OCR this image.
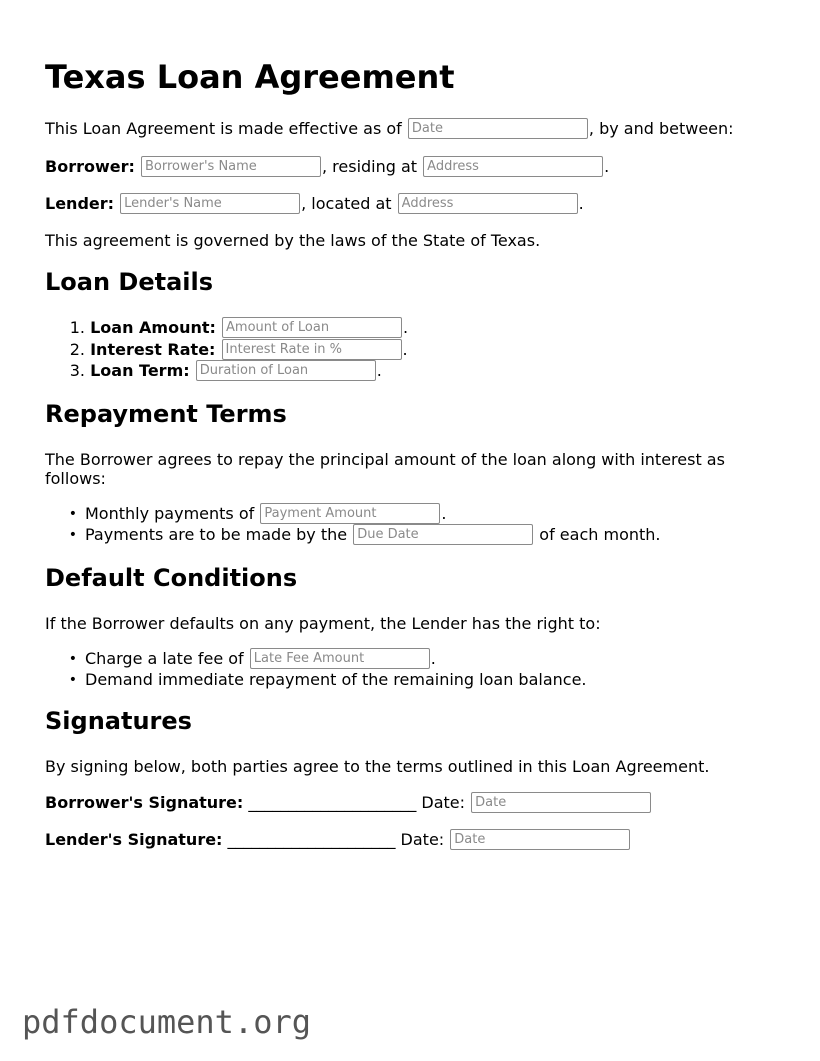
Texas Loan Agreement
This Loan Agreement is made effective as of

Date	, by and between:
Borrower:

Borrower's Name	, residing at

Address	.
Lender:

Lender's Name	, located at

Address	.
This agreement is governed by the laws of the State of Texas.
Loan Details
1.
Loan Amount:

Amount of Loan	.
2.
Interest Rate:

Interest Rate in %	.
3.
Loan Term:

Duration of Loan	.
Repayment Terms
The Borrower agrees to repay the principal amount of the loan along with interest as follows:
• Monthly payments of

Payment Amount	.
• Payments are to be made by the

Due Date
	of each month.
Default Conditions
If the Borrower defaults on any payment, the Lender has the right to:
• Charge a late fee of

Late Fee Amount	.
• Demand immediate repayment of the remaining loan balance.
Signatures
By signing below, both parties agree to the terms outlined in this Loan Agreement.
Borrower's Signature: _____________________
Date:

Date
Lender's Signature: _____________________
Date:

Date
pdfdocument.org
